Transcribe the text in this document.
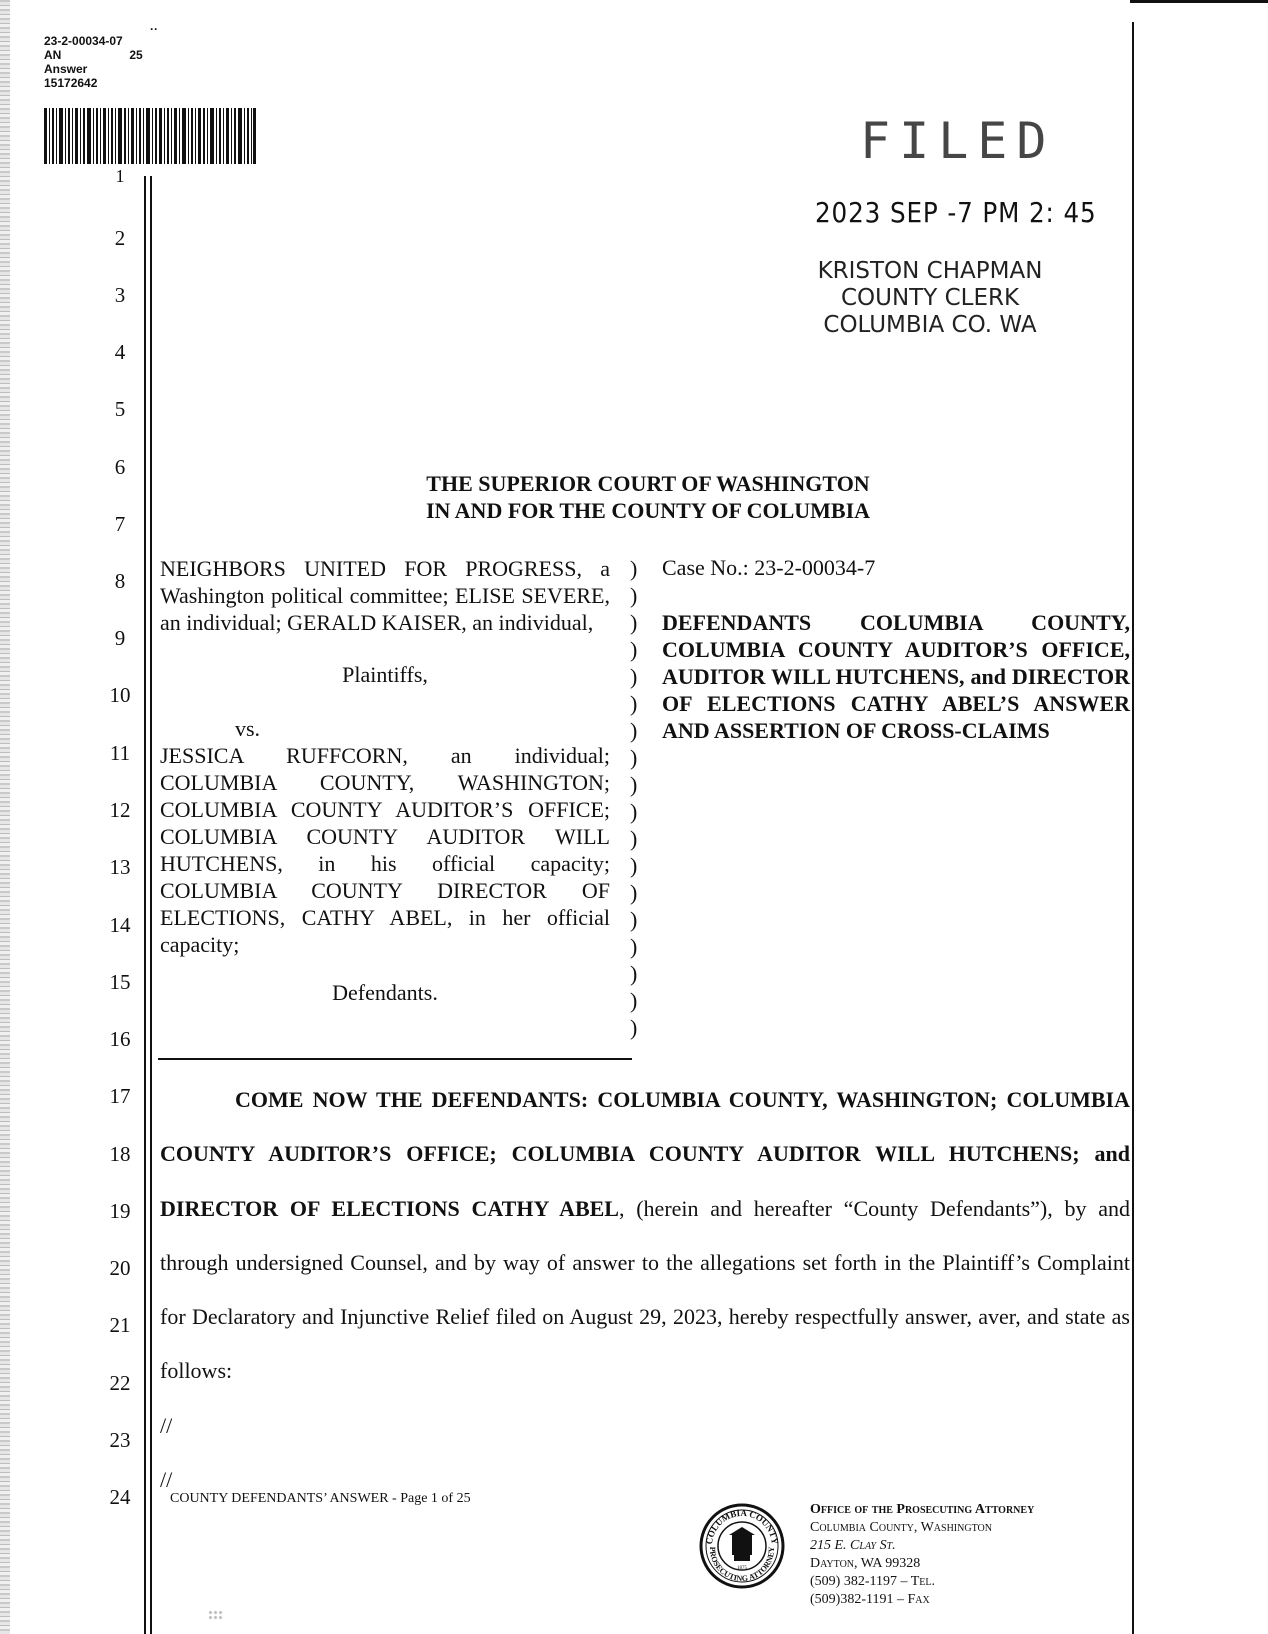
23-2-00034-07
AN	25
Answer
15172642
··
1
2
3
4
5
6
7
8
9
10
11
12
13
14
15
16
17
18
19
20
21
22
23
24
FILED
2023 SEP -7 PM 2: 45
KRISTON CHAPMAN
COUNTY CLERK
COLUMBIA CO. WA
THE SUPERIOR COURT OF WASHINGTON
IN AND FOR THE COUNTY OF COLUMBIA
NEIGHBORS UNITED FOR PROGRESS, a Washington political committee; ELISE SEVERE, an individual; GERALD KAISER, an individual,
Plaintiffs,
vs.
JESSICA RUFFCORN, an individual; COLUMBIA COUNTY, WASHINGTON; COLUMBIA COUNTY AUDITOR’S OFFICE; COLUMBIA COUNTY AUDITOR WILL HUTCHENS, in his official capacity; COLUMBIA COUNTY DIRECTOR OF ELECTIONS, CATHY ABEL, in her official capacity;
Defendants.
)
)
)
)
)
)
)
)
)
)
)
)
)
)
)
)
)
)
Case No.: 23-2-00034-7
DEFENDANTS COLUMBIA COUNTY, COLUMBIA COUNTY AUDITOR’S OFFICE, AUDITOR WILL HUTCHENS, and DIRECTOR OF ELECTIONS CATHY ABEL’S ANSWER AND ASSERTION OF CROSS-CLAIMS
COME NOW THE DEFENDANTS: COLUMBIA COUNTY, WASHINGTON; COLUMBIA COUNTY AUDITOR’S OFFICE; COLUMBIA COUNTY AUDITOR WILL HUTCHENS; and DIRECTOR OF ELECTIONS CATHY ABEL, (herein and hereafter “County Defendants”), by and through undersigned Counsel, and by way of answer to the allegations set forth in the Plaintiff’s Complaint for Declaratory and Injunctive Relief filed on August 29, 2023, hereby respectfully answer, aver, and state as follows:
//
//
COUNTY DEFENDANTS’ ANSWER - Page 1 of 25
COLUMBIA COUNTY
PROSECUTING ATTORNEY
1875
Office of the Prosecuting Attorney
Columbia County, Washington
215 E. Clay St.
Dayton, WA 99328
(509) 382-1197 – Tel.
(509)382-1191 – Fax
